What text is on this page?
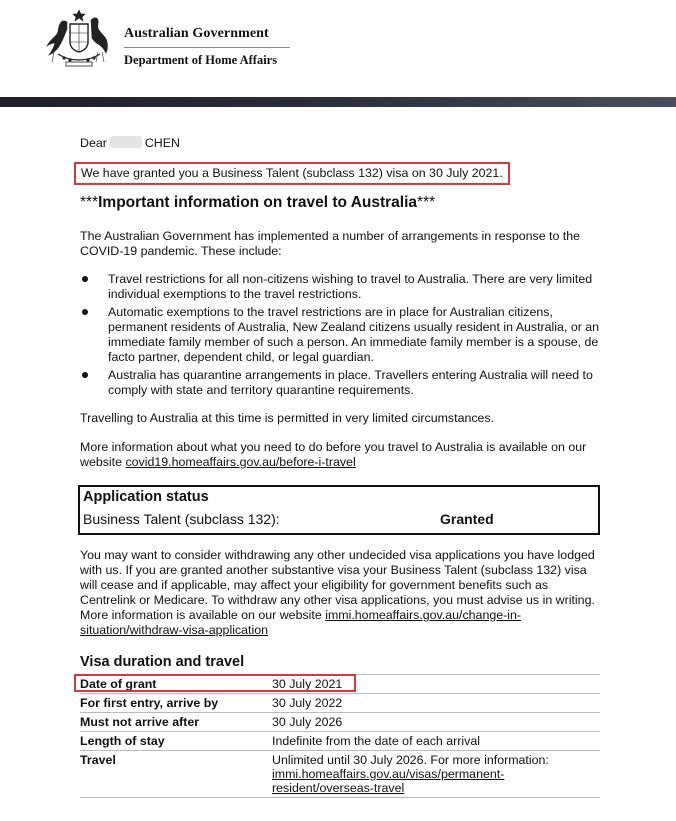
Australian Government
Department of Home Affairs
Dear	CHEN
We have granted you a Business Talent (subclass 132) visa on 30 July 2021.
***Important information on travel to Australia***
The Australian Government has implemented a number of arrangements in response to the COVID-19 pandemic. These include:
Travel restrictions for all non-citizens wishing to travel to Australia. There are very limited individual exemptions to the travel restrictions.
Automatic exemptions to the travel restrictions are in place for Australian citizens, permanent residents of Australia, New Zealand citizens usually resident in Australia, or an immediate family member of such a person. An immediate family member is a spouse, de facto partner, dependent child, or legal guardian.
Australia has quarantine arrangements in place. Travellers entering Australia will need to comply with state and territory quarantine requirements.
Travelling to Australia at this time is permitted in very limited circumstances.
More information about what you need to do before you travel to Australia is available on our website covid19.homeaffairs.gov.au/before-i-travel
Application status
Business Talent (subclass 132):	Granted
You may want to consider withdrawing any other undecided visa applications you have lodged with us. If you are granted another substantive visa your Business Talent (subclass 132) visa will cease and if applicable, may affect your eligibility for government benefits such as Centrelink or Medicare. To withdraw any other visa applications, you must advise us in writing. More information is available on our website immi.homeaffairs.gov.au/change-in-situation/withdraw-visa-application
Visa duration and travel
Date of grant	30 July 2021
For first entry, arrive by	30 July 2022
Must not arrive after	30 July 2026
Length of stay	Indefinite from the date of each arrival
Travel	Unlimited until 30 July 2026. For more information:
immi.homeaffairs.gov.au/visas/permanent-resident/overseas-travel
